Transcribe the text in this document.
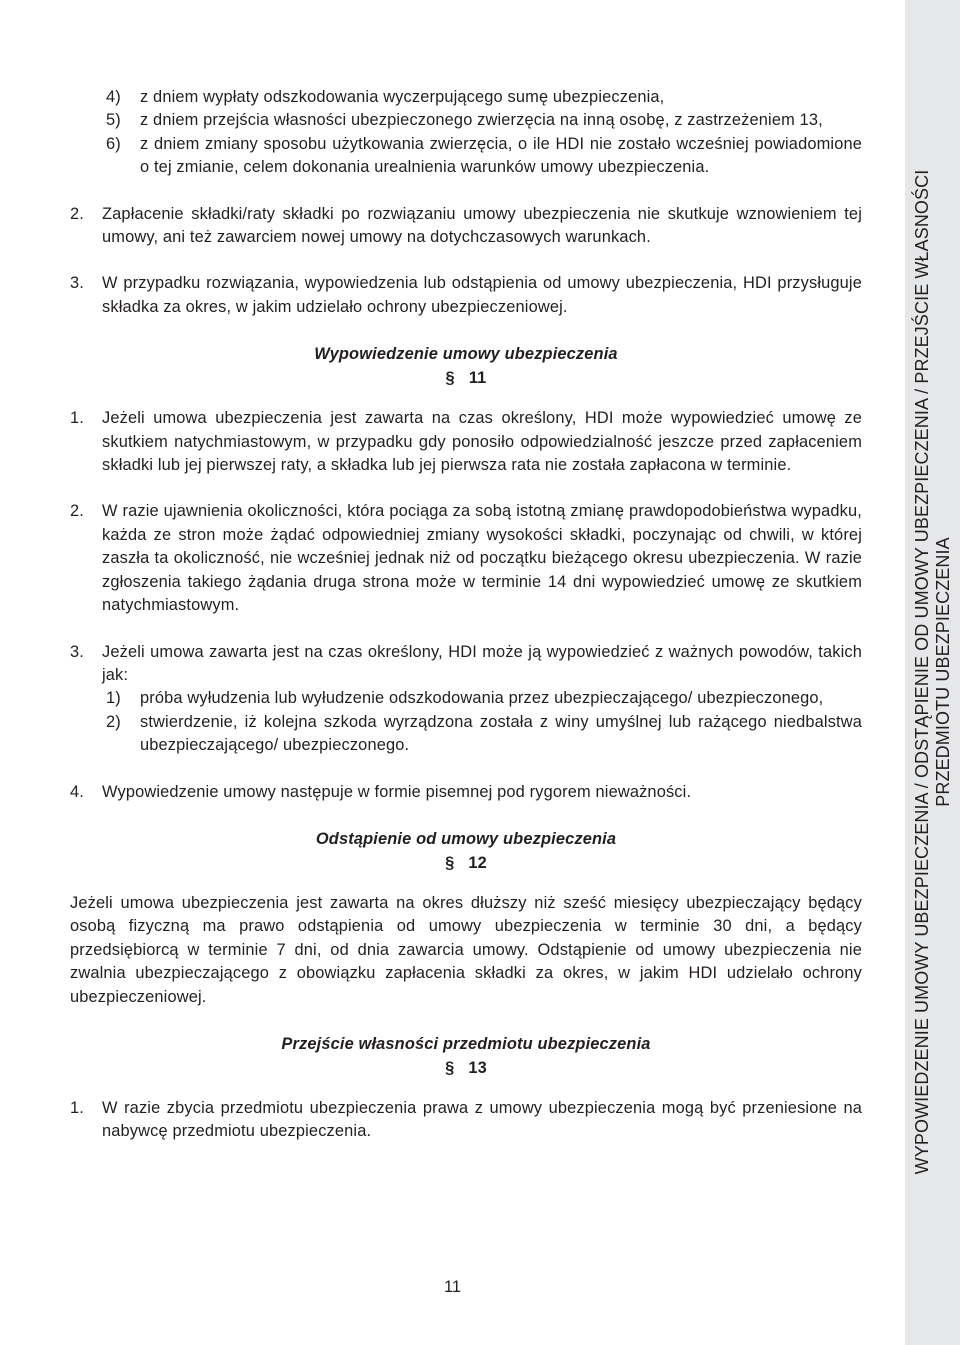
4)	z dniem wypłaty odszkodowania wyczerpującego sumę ubezpieczenia,
5)	z dniem przejścia własności ubezpieczonego zwierzęcia na inną osobę, z zastrzeżeniem 13,
6)	z dniem zmiany sposobu użytkowania zwierzęcia, o ile HDI nie zostało wcześniej powiadomione o tej zmianie, celem dokonania urealnienia warunków umowy ubezpieczenia.
2.	Zapłacenie składki/raty składki po rozwiązaniu umowy ubezpieczenia nie skutkuje wznowieniem tej umowy, ani też zawarciem nowej umowy na dotychczasowych warunkach.
3.	W przypadku rozwiązania, wypowiedzenia lub odstąpienia od umowy ubezpieczenia, HDI przysługuje składka za okres, w jakim udzielało ochrony ubezpieczeniowej.

Wypowiedzenie umowy ubezpieczenia

§ 11

1.	Jeżeli umowa ubezpieczenia jest zawarta na czas określony, HDI może wypowiedzieć umowę ze skutkiem natychmiastowym, w przypadku gdy ponosiło odpowiedzialność jeszcze przed zapłaceniem składki lub jej pierwszej raty, a składka lub jej pierwsza rata nie została zapłacona w terminie.
2.	W razie ujawnienia okoliczności, która pociąga za sobą istotną zmianę prawdopodobieństwa wypadku, każda ze stron może żądać odpowiedniej zmiany wysokości składki, poczynając od chwili, w której zaszła ta okoliczność, nie wcześniej jednak niż od początku bieżącego okresu ubezpieczenia. W razie zgłoszenia takiego żądania druga strona może w terminie 14 dni wypowiedzieć umowę ze skutkiem natychmiastowym.
3.	Jeżeli umowa zawarta jest na czas określony, HDI może ją wypowiedzieć z ważnych powodów, takich jak:
1)	próba wyłudzenia lub wyłudzenie odszkodowania przez ubezpieczającego/ ubezpieczonego,
2)	stwierdzenie, iż kolejna szkoda wyrządzona została z winy umyślnej lub rażącego niedbalstwa ubezpieczającego/ ubezpieczonego.
4.	Wypowiedzenie umowy następuje w formie pisemnej pod rygorem nieważności.

Odstąpienie od umowy ubezpieczenia

§ 12

Jeżeli umowa ubezpieczenia jest zawarta na okres dłuższy niż sześć miesięcy ubezpieczający będący osobą fizyczną ma prawo odstąpienia od umowy ubezpieczenia w terminie 30 dni, a będący przedsiębiorcą w terminie 7 dni, od dnia zawarcia umowy. Odstąpienie od umowy ubezpieczenia nie zwalnia ubezpieczającego z obowiązku zapłacenia składki za okres, w jakim HDI udzielało ochrony ubezpieczeniowej.

Przejście własności przedmiotu ubezpieczenia

§ 13

1.	W razie zbycia przedmiotu ubezpieczenia prawa z umowy ubezpieczenia mogą być przeniesione na nabywcę przedmiotu ubezpieczenia.
11
WYPOWIEDZENIE UMOWY UBEZPIECZENIA / ODSTĄPIENIE OD UMOWY UBEZPIECZENIA / PRZEJŚCIE WŁASNOŚCI PRZEDMIOTU UBEZPIECZENIA
